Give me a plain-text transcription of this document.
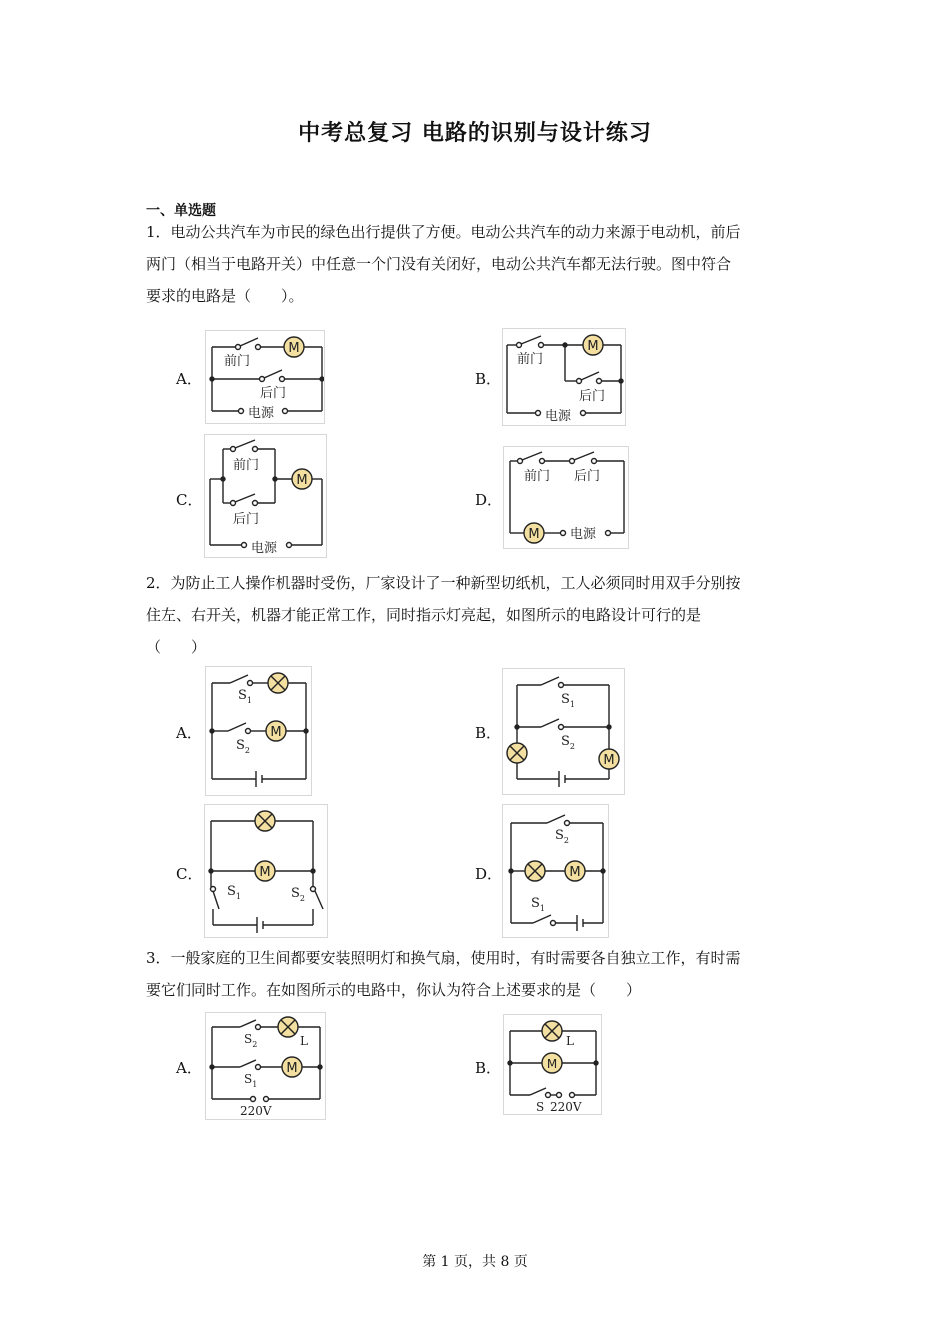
中考总复习 电路的识别与设计练习
一、单选题
1．电动公共汽车为市民的绿色出行提供了方便。电动公共汽车的动力来源于电动机，前后
两门（相当于电路开关）中任意一个门没有关闭好，电动公共汽车都无法行驶。图中符合
要求的电路是（　　）。
A．
M
前门
后门
电源
B．
M
前门
后门
电源
C．
M
前门
后门
电源
D．
M
前门 后门
电源
2．为防止工人操作机器时受伤，厂家设计了一种新型切纸机，工人必须同时用双手分别按
住左、右开关，机器才能正常工作，同时指示灯亮起，如图所示的电路设计可行的是
（　　）
A．	M
$S_1$
$S_2$
B．
M
$S_1$
$S_2$
C．	M
$S_1$	$S_2$
D．	M
$S_2$
$S_1$
3．一般家庭的卫生间都要安装照明灯和换气扇，使用时，有时需要各自独立工作，有时需
要它们同时工作。在如图所示的电路中，你认为符合上述要求的是（　　）
A．	M
L
$S_2$
$S_1$
220V
B．	M
L
S 220V
第 1 页，共 8 页
